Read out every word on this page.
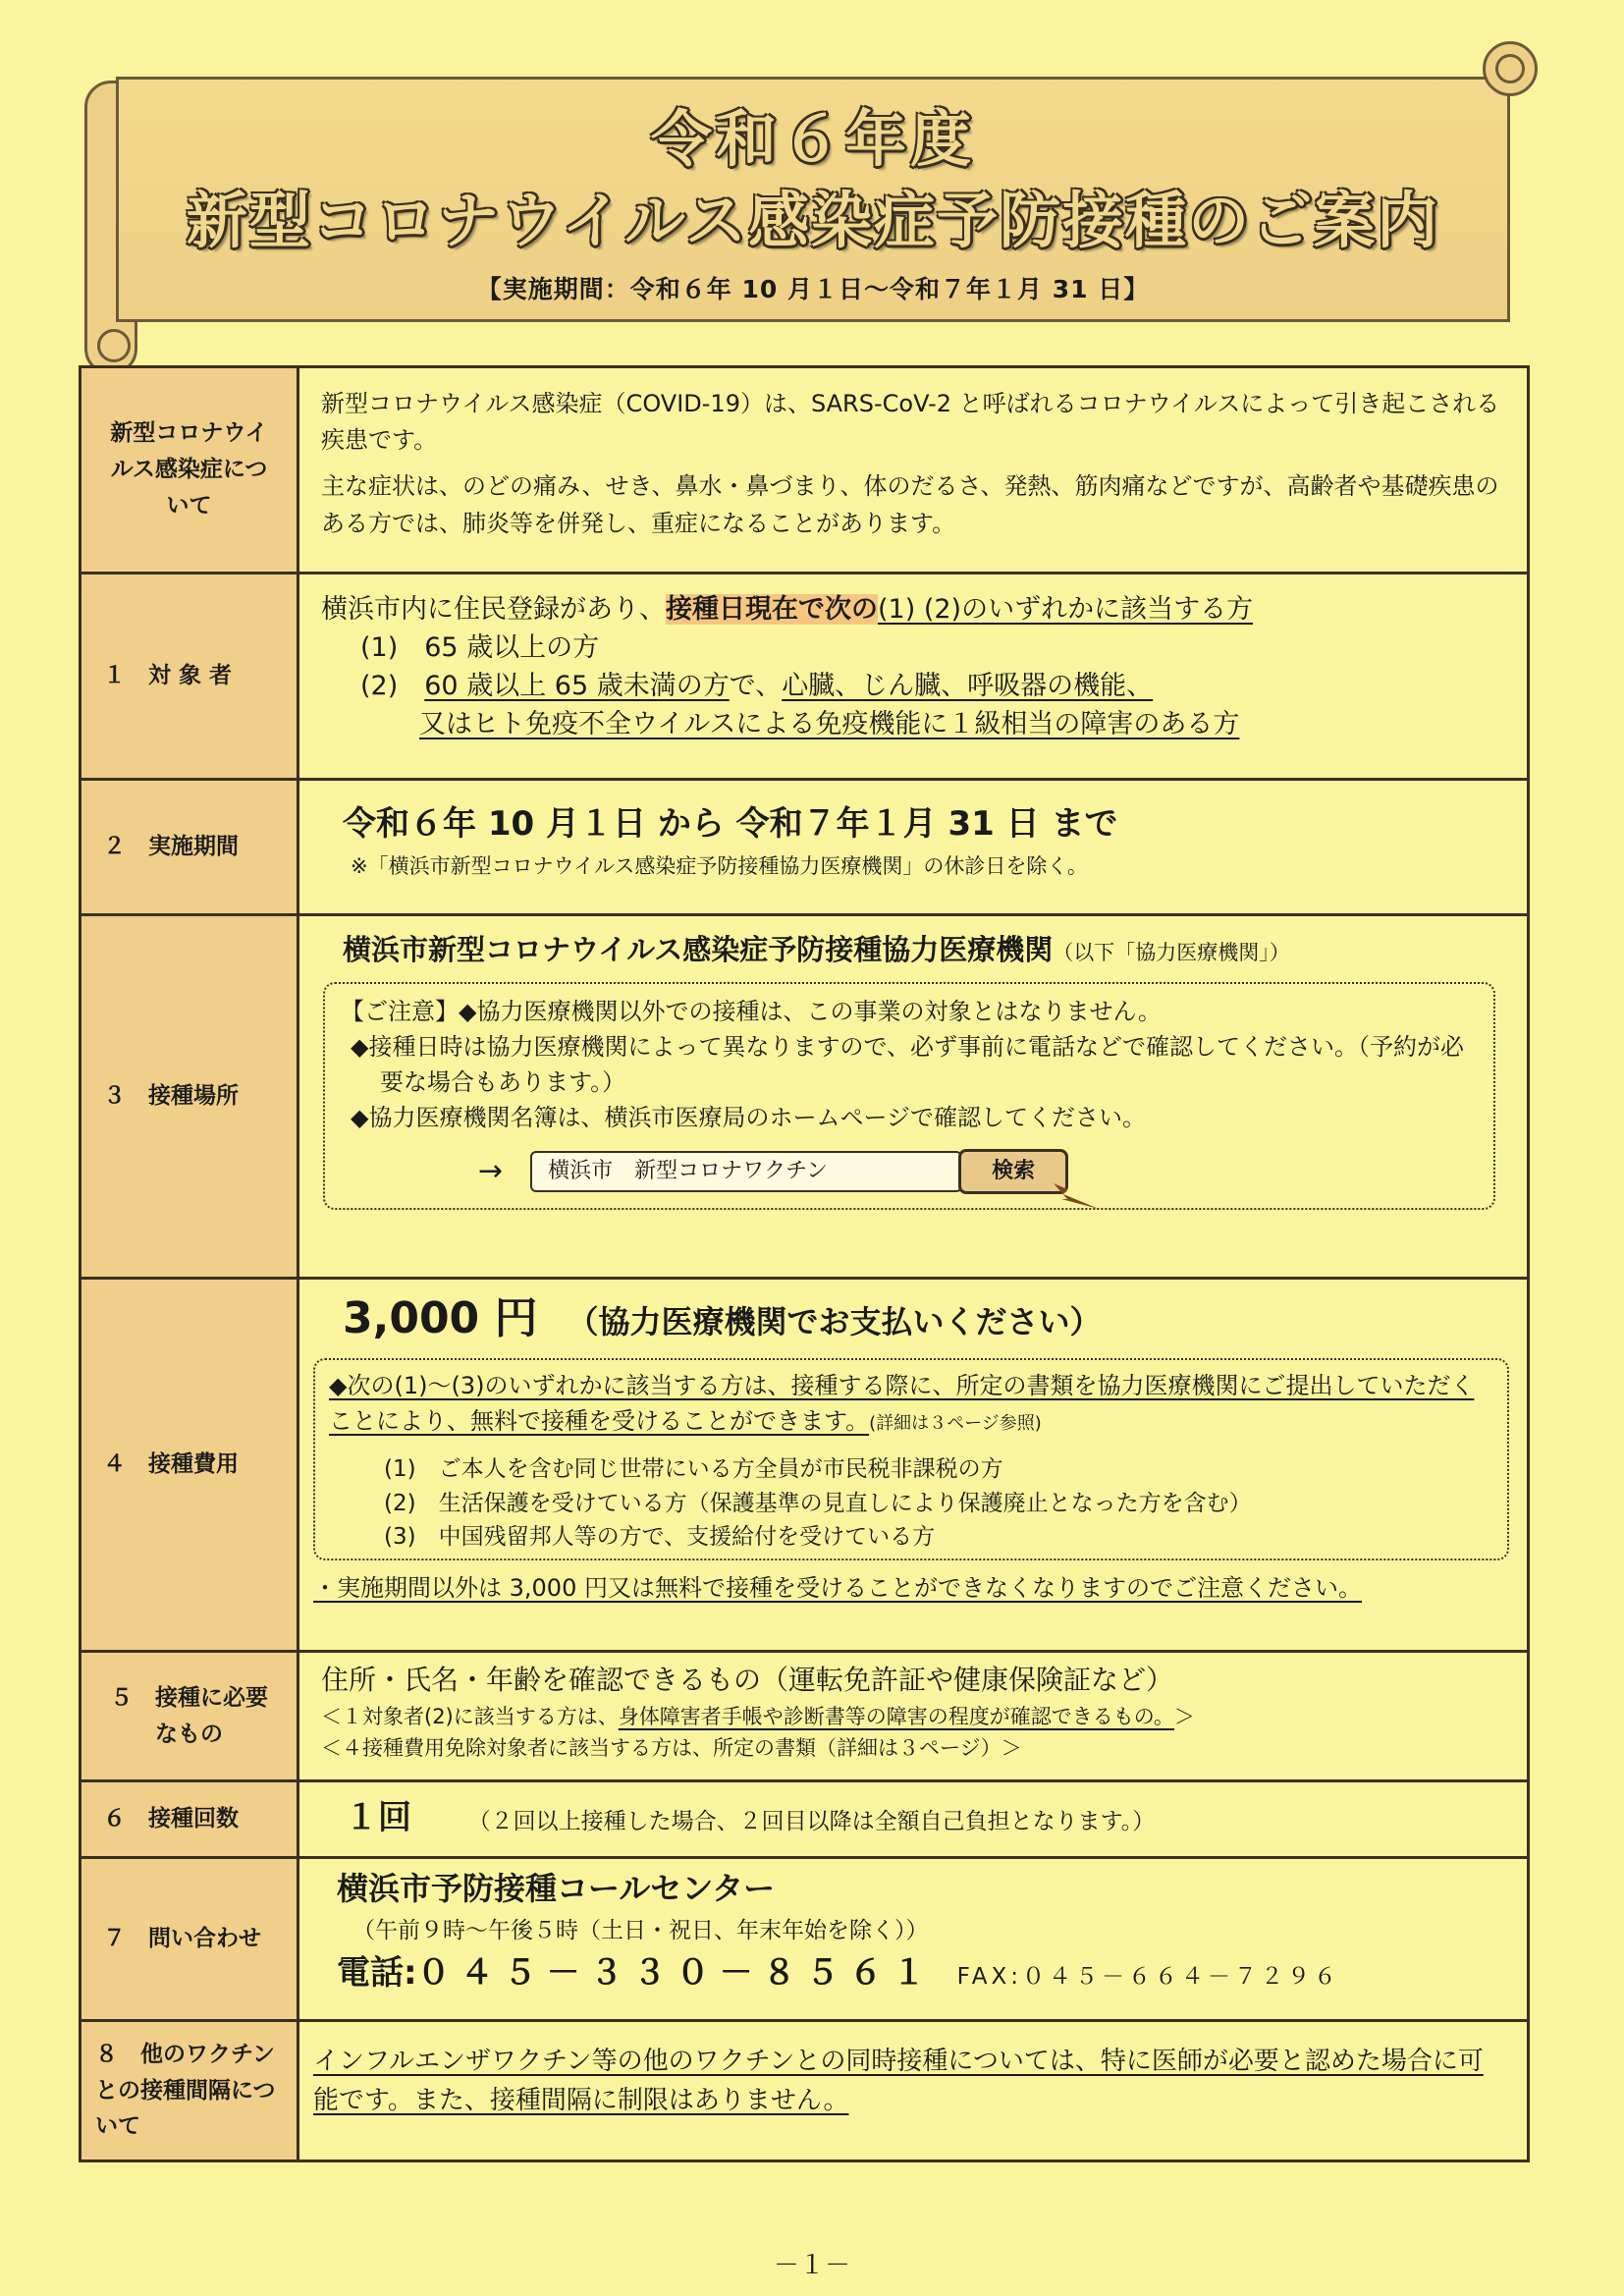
令和６年度
新型コロナウイルス感染症予防接種のご案内
【実施期間：令和６年 10 月１日～令和７年１月 31 日】
新型コロナウイルス感染症について
新型コロナウイルス感染症（COVID-19）は、SARS-CoV-2 と呼ばれるコロナウイルスによって引き起こされる疾患です。
主な症状は、のどの痛み、せき、鼻水・鼻づまり、体のだるさ、発熱、筋肉痛などですが、高齢者や基礎疾患のある方では、肺炎等を併発し、重症になることがあります。
１　対 象 者
横浜市内に住民登録があり、接種日現在で次の(1) (2)のいずれかに該当する方
(1)　65 歳以上の方
(2)　 60 歳以上 65 歳未満の方で、心臓、じん臓、呼吸器の機能、
又はヒト免疫不全ウイルスによる免疫機能に１級相当の障害のある方
２　実施期間
令和６年 10 月１日 から 令和７年１月 31 日 まで
※「横浜市新型コロナウイルス感染症予防接種協力医療機関」の休診日を除く。
３　接種場所
横浜市新型コロナウイルス感染症予防接種協力医療機関（以下「協力医療機関」）
【ご注意】◆協力医療機関以外での接種は、この事業の対象とはなりません。
◆接種日時は協力医療機関によって異なりますので、必ず事前に電話などで確認してください。（予約が必要な場合もあります。）
◆協力医療機関名簿は、横浜市医療局のホームページで確認してください。
→	横浜市　新型コロナワクチン	検索
４　接種費用
3,000 円 （協力医療機関でお支払いください）
◆次の(1)～(3)のいずれかに該当する方は、接種する際に、所定の書類を協力医療機関にご提出していただくことにより、無料で接種を受けることができます。(詳細は３ページ参照)
(1)　ご本人を含む同じ世帯にいる方全員が市民税非課税の方
(2)　生活保護を受けている方（保護基準の見直しにより保護廃止となった方を含む）
(3)　中国残留邦人等の方で、支援給付を受けている方
・実施期間以外は 3,000 円又は無料で接種を受けることができなくなりますのでご注意ください。
５　接種に必要なもの
住所・氏名・年齢を確認できるもの（運転免許証や健康保険証など）
＜１対象者(2)に該当する方は、身体障害者手帳や診断書等の障害の程度が確認できるもの。＞
＜４接種費用免除対象者に該当する方は、所定の書類（詳細は３ページ）＞
６　接種回数	１回	（２回以上接種した場合、２回目以降は全額自己負担となります。）
７　問い合わせ
横浜市予防接種コールセンター
（午前９時～午後５時（土日・祝日、年末年始を除く））
電話:０４５－３３０－８５６１ FAX:０４５－６６４－７２９６
８　他のワクチンとの接種間隔について
インフルエンザワクチン等の他のワクチンとの同時接種については、特に医師が必要と認めた場合に可能です。また、接種間隔に制限はありません。
－１－
